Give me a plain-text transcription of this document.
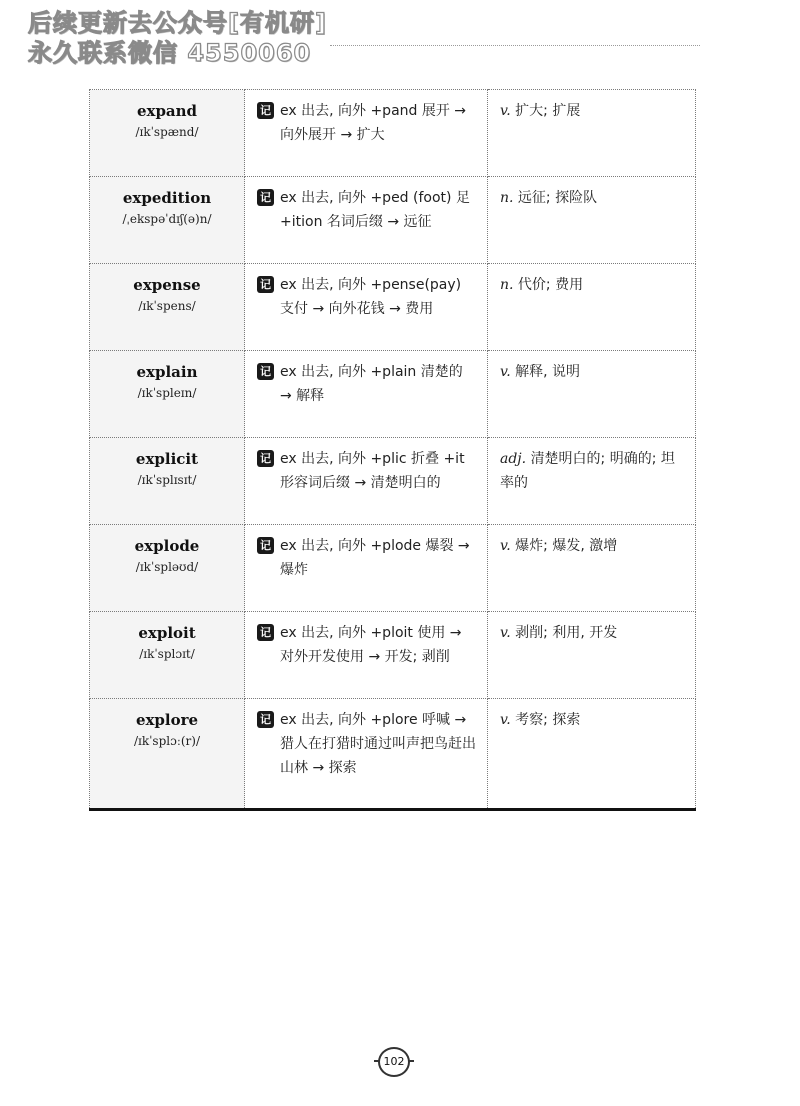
后续更新去公众号[有机研]
永久联系微信 4550060
expand
/ɪkˈspænd/	记 ex 出去, 向外 +pand 展开 → 向外展开 → 扩大	v. 扩大; 扩展

expedition
/ˌekspəˈdɪʃ(ə)n/	记 ex 出去, 向外 +ped (foot) 足 +ition 名词后缀 → 远征	n. 远征; 探险队

expense
/ɪkˈspens/	记 ex 出去, 向外 +pense(pay) 支付 → 向外花钱 → 费用	n. 代价; 费用

explain
/ɪkˈspleɪn/	记 ex 出去, 向外 +plain 清楚的 → 解释	v. 解释, 说明

explicit
/ɪkˈsplɪsɪt/	记 ex 出去, 向外 +plic 折叠 +it 形容词后缀 → 清楚明白的	adj. 清楚明白的; 明确的; 坦率的

explode
/ɪkˈspləʊd/	记 ex 出去, 向外 +plode 爆裂 → 爆炸	v. 爆炸; 爆发, 激增

exploit
/ɪkˈsplɔɪt/	记 ex 出去, 向外 +ploit 使用 → 对外开发使用 → 开发; 剥削	v. 剥削; 利用, 开发

explore
/ɪkˈsplɔː(r)/	记 ex 出去, 向外 +plore 呼喊 → 猎人在打猎时通过叫声把鸟赶出山林 → 探索	v. 考察; 探索
102
